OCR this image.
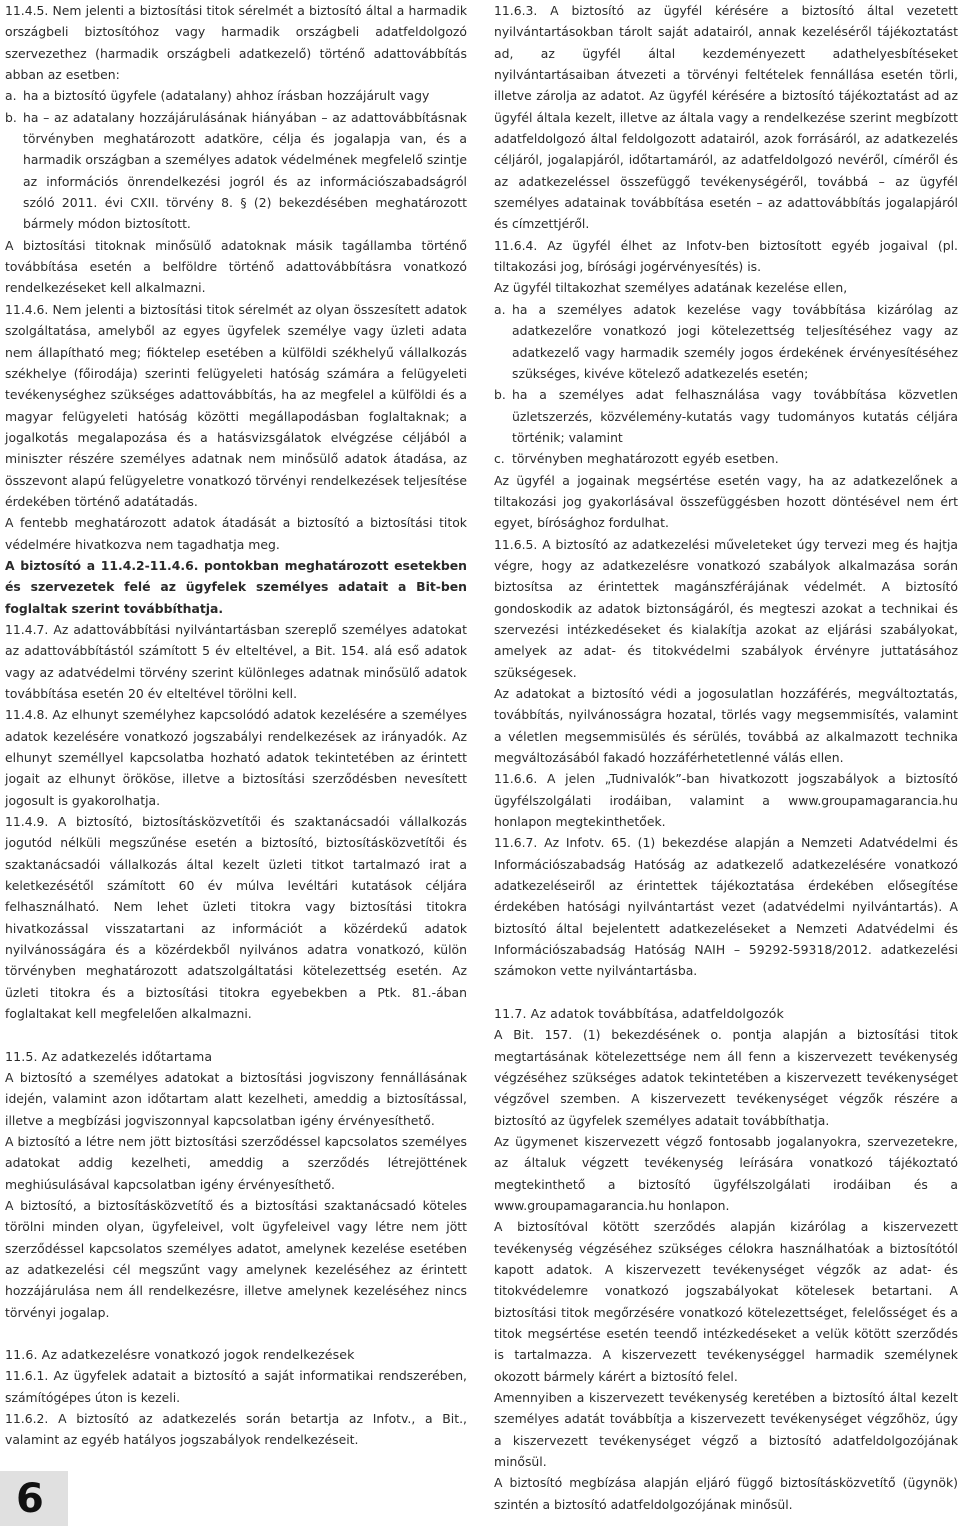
11.4.5. Nem jelenti a biztosítási titok sérelmét a biztosító által a harmadik országbeli biztosítóhoz vagy harmadik országbeli adatfeldolgozó szervezethez (harmadik országbeli adatkezelő) történő adattovábbítás abban az esetben:

a. ha a biztosító ügyfele (adatalany) ahhoz írásban hozzájárult vagy
b. ha – az adatalany hozzájárulásának hiányában – az adattovábbításnak törvényben meghatározott adatköre, célja és jogalapja van, és a harmadik országban a személyes adatok védelmének megfelelő szintje az információs önrendelkezési jogról és az információszabadságról szóló 2011. évi CXII. törvény 8. § (2) bekezdésében meghatározott bármely módon biztosított.

A biztosítási titoknak minősülő adatoknak másik tagállamba történő továbbítása esetén a belföldre történő adattovábbításra vonatkozó rendelkezéseket kell alkalmazni.

11.4.6. Nem jelenti a biztosítási titok sérelmét az olyan összesített adatok szolgáltatása, amelyből az egyes ügyfelek személye vagy üzleti adata nem állapítható meg; fióktelep esetében a külföldi székhelyű vállalkozás székhelye (főirodája) szerinti felügyeleti hatóság számára a felügyeleti tevékenységhez szükséges adattovábbítás, ha az megfelel a külföldi és a magyar felügyeleti hatóság közötti megállapodásban foglaltaknak; a jogalkotás megalapozása és a hatásvizsgálatok elvégzése céljából a miniszter részére személyes adatnak nem minősülő adatok átadása, az összevont alapú felügyeletre vonatkozó törvényi rendelkezések teljesítése érdekében történő adatátadás.

A fentebb meghatározott adatok átadását a biztosító a biztosítási titok védelmére hivatkozva nem tagadhatja meg.

A biztosító a 11.4.2-11.4.6. pontokban meghatározott esetekben és szervezetek felé az ügyfelek személyes adatait a Bit-ben foglaltak szerint továbbíthatja.

11.4.7. Az adattovábbítási nyilvántartásban szereplő személyes adatokat az adattovábbítástól számított 5 év elteltével, a Bit. 154. alá eső adatok vagy az adatvédelmi törvény szerint különleges adatnak minősülő adatok továbbítása esetén 20 év elteltével törölni kell.

11.4.8. Az elhunyt személyhez kapcsolódó adatok kezelésére a személyes adatok kezelésére vonatkozó jogszabályi rendelkezések az irányadók. Az elhunyt személlyel kapcsolatba hozható adatok tekintetében az érintett jogait az elhunyt örököse, illetve a biztosítási szerződésben nevesített jogosult is gyakorolhatja.

11.4.9. A biztosító, biztosításközvetítői és szaktanácsadói vállalkozás jogutód nélküli megszűnése esetén a biztosító, biztosításközvetítői és szaktanácsadói vállalkozás által kezelt üzleti titkot tartalmazó irat a keletkezésétől számított 60 év múlva levéltári kutatások céljára felhasználható. Nem lehet üzleti titokra vagy biztosítási titokra hivatkozással visszatartani az információt a közérdekű adatok nyilvánosságára és a közérdekből nyilvános adatra vonatkozó, külön törvényben meghatározott adatszolgáltatási kötelezettség esetén. Az üzleti titokra és a biztosítási titokra egyebekben a Ptk. 81.-ában foglaltakat kell megfelelően alkalmazni.

11.5. Az adatkezelés időtartama

A biztosító a személyes adatokat a biztosítási jogviszony fennállásának idején, valamint azon időtartam alatt kezelheti, ameddig a biztosítással, illetve a megbízási jogviszonnyal kapcsolatban igény érvényesíthető.

A biztosító a létre nem jött biztosítási szerződéssel kapcsolatos személyes adatokat addig kezelheti, ameddig a szerződés létrejöttének meghiúsulásával kapcsolatban igény érvényesíthető.

A biztosító, a biztosításközvetítő és a biztosítási szaktanácsadó köteles törölni minden olyan, ügyfeleivel, volt ügyfeleivel vagy létre nem jött szerződéssel kapcsolatos személyes adatot, amelynek kezelése esetében az adatkezelési cél megszűnt vagy amelynek kezeléséhez az érintett hozzájárulása nem áll rendelkezésre, illetve amelynek kezeléséhez nincs törvényi jogalap.

11.6. Az adatkezelésre vonatkozó jogok rendelkezések

11.6.1. Az ügyfelek adatait a biztosító a saját informatikai rendszerében, számítógépes úton is kezeli.

11.6.2. A biztosító az adatkezelés során betartja az Infotv., a Bit., valamint az egyéb hatályos jogszabályok rendelkezéseit.

11.6.3. A biztosító az ügyfél kérésére a biztosító által vezetett nyilvántartásokban tárolt saját adatairól, annak kezeléséről tájékoztatást ad, az ügyfél által kezdeményezett adathelyesbítéseket nyilvántartásaiban átvezeti a törvényi feltételek fennállása esetén törli, illetve zárolja az adatot. Az ügyfél kérésére a biztosító tájékoztatást ad az ügyfél általa kezelt, illetve az általa vagy a rendelkezése szerint megbízott adatfeldolgozó által feldolgozott adatairól, azok forrásáról, az adatkezelés céljáról, jogalapjáról, időtartamáról, az adatfeldolgozó nevéről, címéről és az adatkezeléssel összefüggő tevékenységéről, továbbá – az ügyfél személyes adatainak továbbítása esetén – az adattovábbítás jogalapjáról és címzettjéről.

11.6.4. Az ügyfél élhet az Infotv-ben biztosított egyéb jogaival (pl. tiltakozási jog, bírósági jogérvényesítés) is.

Az ügyfél tiltakozhat személyes adatának kezelése ellen,

a. ha a személyes adatok kezelése vagy továbbítása kizárólag az adatkezelőre vonatkozó jogi kötelezettség teljesítéséhez vagy az adatkezelő vagy harmadik személy jogos érdekének érvényesítéséhez szükséges, kivéve kötelező adatkezelés esetén;
b. ha a személyes adat felhasználása vagy továbbítása közvetlen üzletszerzés, közvélemény-kutatás vagy tudományos kutatás céljára történik; valamint
c. törvényben meghatározott egyéb esetben.

Az ügyfél a jogainak megsértése esetén vagy, ha az adatkezelőnek a tiltakozási jog gyakorlásával összefüggésben hozott döntésével nem ért egyet, bírósághoz fordulhat.

11.6.5. A biztosító az adatkezelési műveleteket úgy tervezi meg és hajtja végre, hogy az adatkezelésre vonatkozó szabályok alkalmazása során biztosítsa az érintettek magánszférájának védelmét. A biztosító gondoskodik az adatok biztonságáról, és megteszi azokat a technikai és szervezési intézkedéseket és kialakítja azokat az eljárási szabályokat, amelyek az adat- és titokvédelmi szabályok érvényre juttatásához szükségesek.

Az adatokat a biztosító védi a jogosulatlan hozzáférés, megváltoztatás, továbbítás, nyilvánosságra hozatal, törlés vagy megsemmisítés, valamint a véletlen megsemmisülés és sérülés, továbbá az alkalmazott technika megváltozásából fakadó hozzáférhetetlenné válás ellen.

11.6.6. A jelen „Tudnivalók”-ban hivatkozott jogszabályok a biztosító ügyfélszolgálati irodáiban, valamint a www.groupamagarancia.hu honlapon megtekinthetőek.

11.6.7. Az Infotv. 65. (1) bekezdése alapján a Nemzeti Adatvédelmi és Információszabadság Hatóság az adatkezelő adatkezelésére vonatkozó adatkezeléseiről az érintettek tájékoztatása érdekében elősegítése érdekében hatósági nyilvántartást vezet (adatvédelmi nyilvántartás). A biztosító által bejelentett adatkezeléseket a Nemzeti Adatvédelmi és Információszabadság Hatóság NAIH – 59292-59318/2012. adatkezelési számokon vette nyilvántartásba.

11.7. Az adatok továbbítása, adatfeldolgozók

A Bit. 157. (1) bekezdésének o. pontja alapján a biztosítási titok megtartásának kötelezettsége nem áll fenn a kiszervezett tevékenység végzéséhez szükséges adatok tekintetében a kiszervezett tevékenységet végzővel szemben. A kiszervezett tevékenységet végzők részére a biztosító az ügyfelek személyes adatait továbbíthatja.

Az ügymenet kiszervezett végző fontosabb jogalanyokra, szervezetekre, az általuk végzett tevékenység leírására vonatkozó tájékoztató megtekinthető a biztosító ügyfélszolgálati irodáiban és a www.groupamagarancia.hu honlapon.

A biztosítóval kötött szerződés alapján kizárólag a kiszervezett tevékenység végzéséhez szükséges célokra használhatóak a biztosítótól kapott adatok. A kiszervezett tevékenységet végzők az adat- és titokvédelemre vonatkozó jogszabályokat kötelesek betartani. A biztosítási titok megőrzésére vonatkozó kötelezettséget, felelősséget és a titok megsértése esetén teendő intézkedéseket a velük kötött szerződés is tartalmazza. A kiszervezett tevékenységgel harmadik személynek okozott bármely kárért a biztosító felel.

Amennyiben a kiszervezett tevékenység keretében a biztosító által kezelt személyes adatát továbbítja a kiszervezett tevékenységet végzőhöz, úgy a kiszervezett tevékenységet végző a biztosító adatfeldolgozójának minősül.

A biztosító megbízása alapján eljáró függő biztosításközvetítő (ügynök) szintén a biztosító adatfeldolgozójának minősül.

6
